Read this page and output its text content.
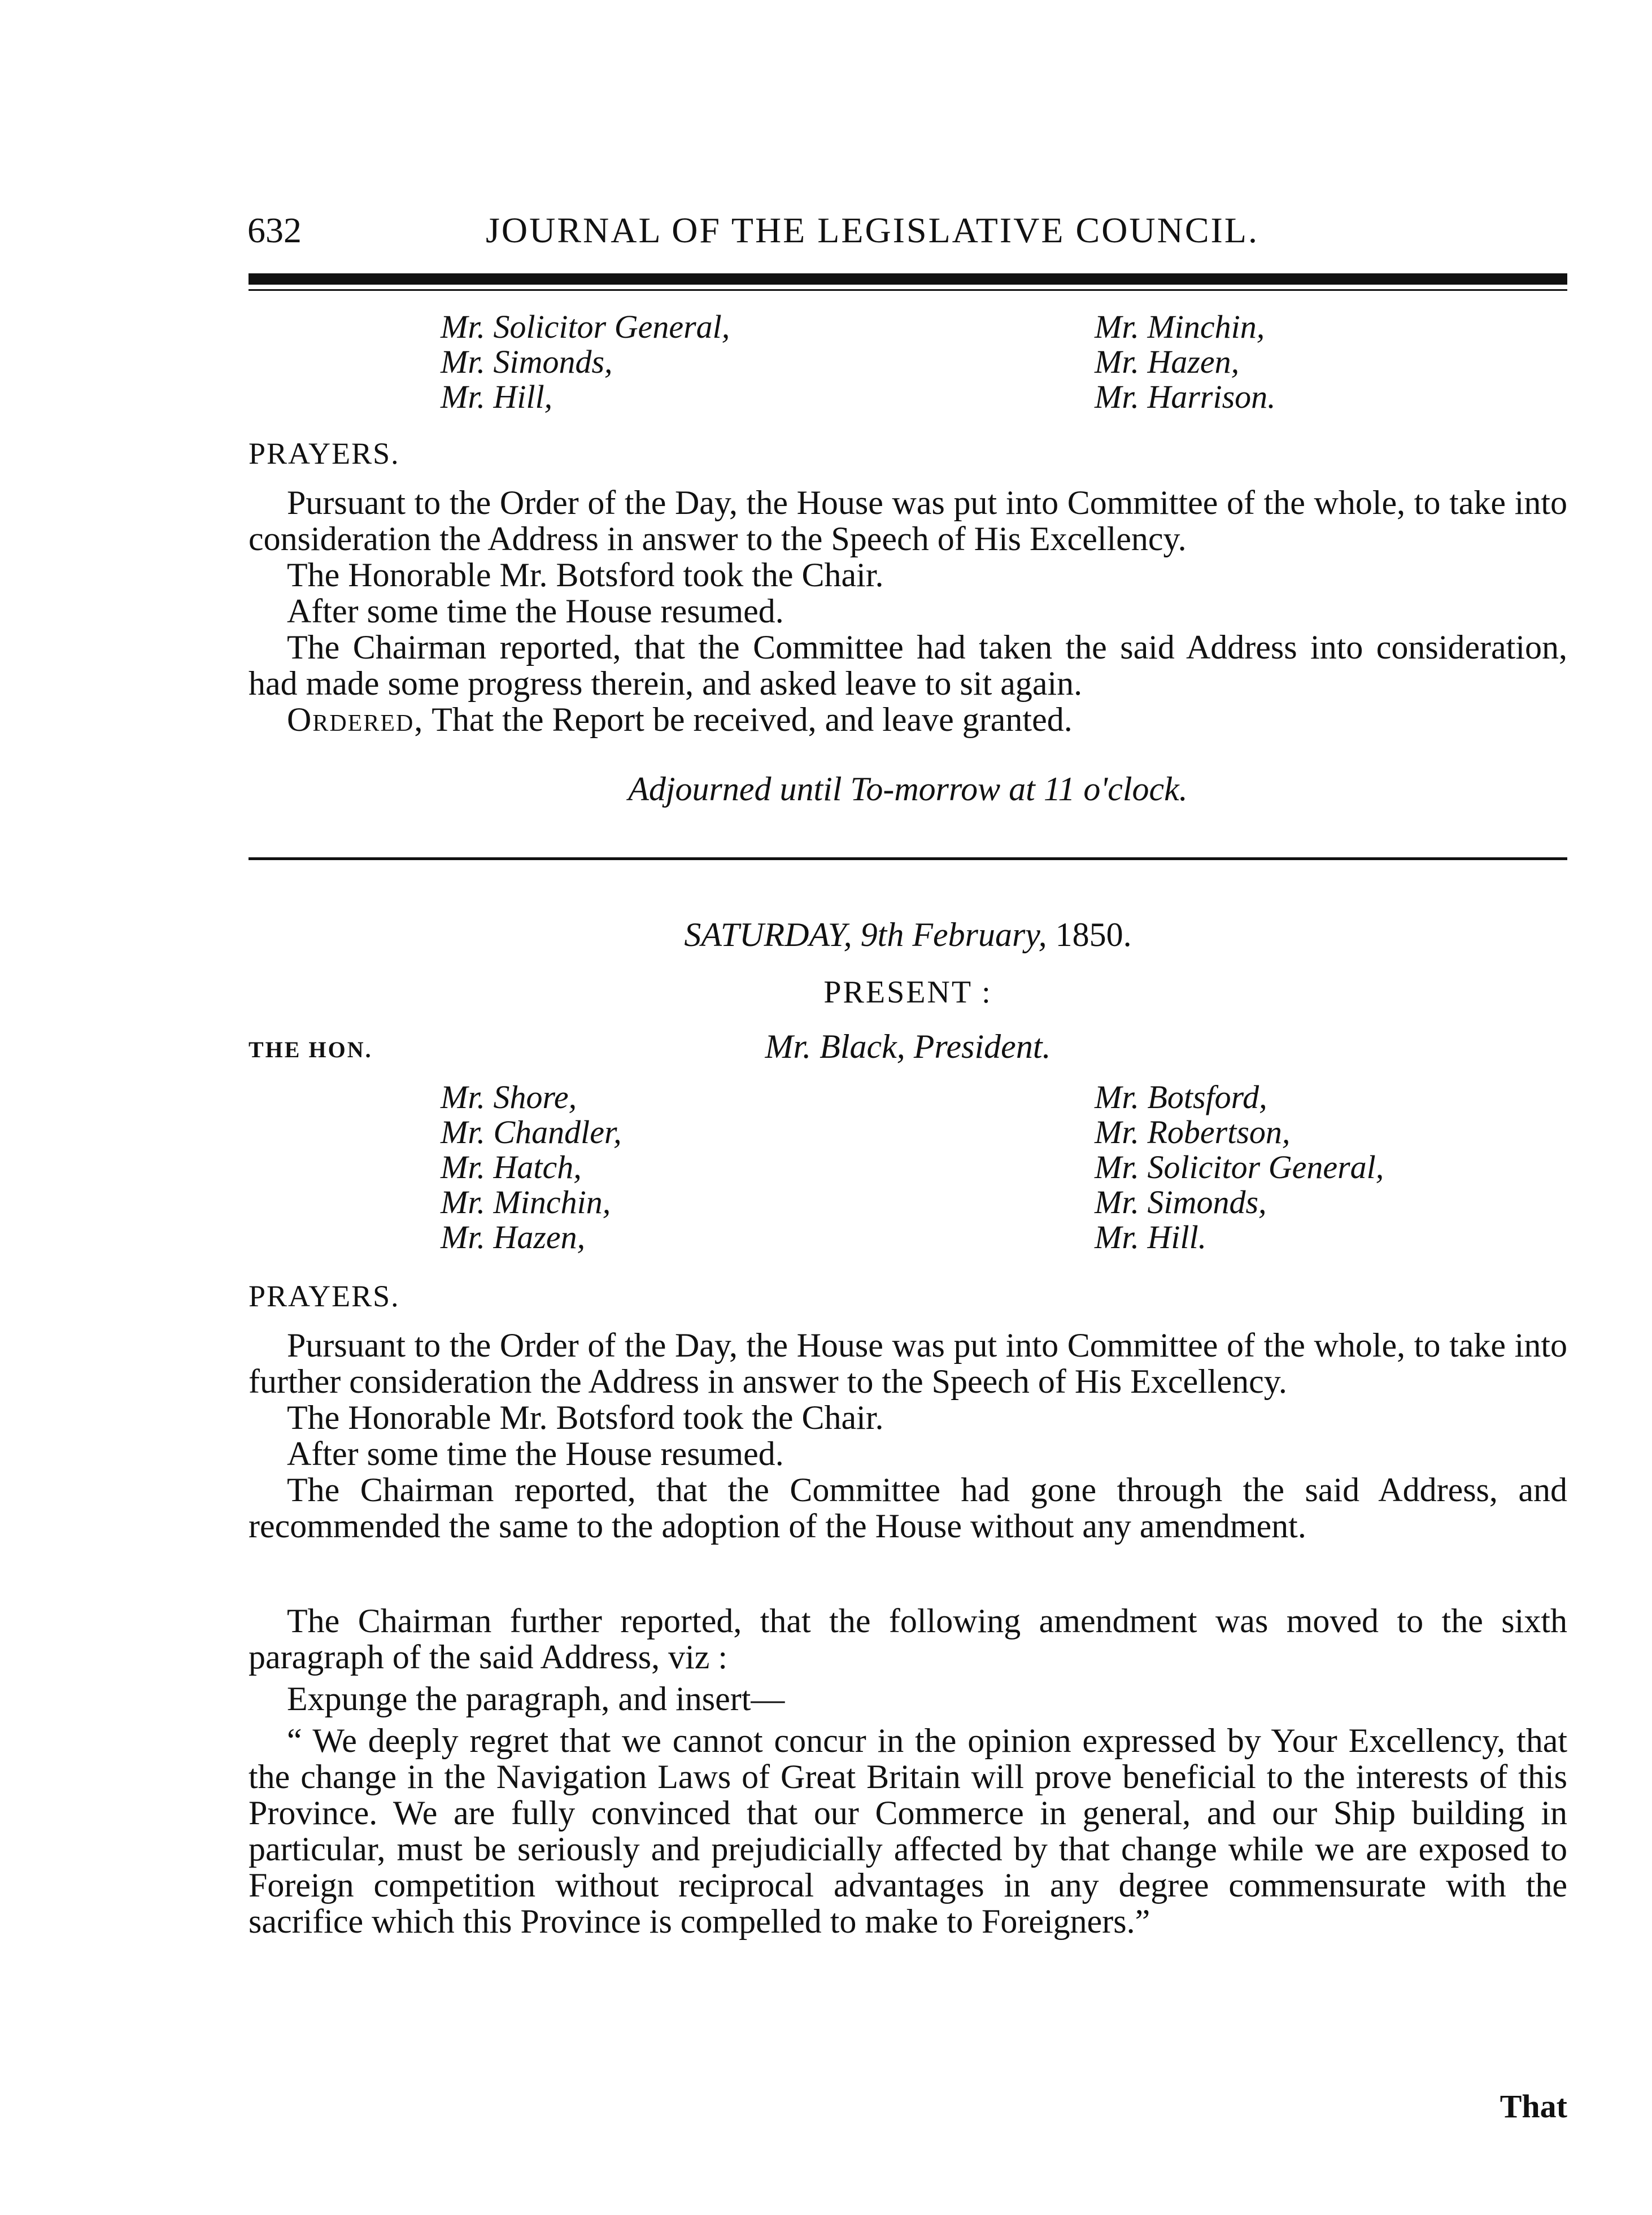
632	JOURNAL OF THE LEGISLATIVE COUNCIL.
Mr. Solicitor General,
Mr. Simonds,
Mr. Hill,
Mr. Minchin,
Mr. Hazen,
Mr. Harrison.
PRAYERS.

Pursuant to the Order of the Day, the House was put into Committee of the whole, to take into consideration the Address in answer to the Speech of His Excellency.

The Honorable Mr. Botsford took the Chair.

After some time the House resumed.

The Chairman reported, that the Committee had taken the said Address into consideration, had made some progress therein, and asked leave to sit again.

Ordered, That the Report be received, and leave granted.

Adjourned until To-morrow at 11 o'clock.
SATURDAY, 9th February, 1850.
PRESENT :
THE HON.	Mr. Black, President.
Mr. Shore,
Mr. Chandler,
Mr. Hatch,
Mr. Minchin,
Mr. Hazen,
Mr. Botsford,
Mr. Robertson,
Mr. Solicitor General,
Mr. Simonds,
Mr. Hill.
PRAYERS.

Pursuant to the Order of the Day, the House was put into Committee of the whole, to take into further consideration the Address in answer to the Speech of His Excellency.

The Honorable Mr. Botsford took the Chair.

After some time the House resumed.

The Chairman reported, that the Committee had gone through the said Address, and recommended the same to the adoption of the House without any amendment.

The Chairman further reported, that the following amendment was moved to the sixth paragraph of the said Address, viz :

Expunge the paragraph, and insert—

“ We deeply regret that we cannot concur in the opinion expressed by Your Excellency, that the change in the Navigation Laws of Great Britain will prove beneficial to the interests of this Province. We are fully convinced that our Commerce in general, and our Ship building in particular, must be seriously and prejudicially affected by that change while we are exposed to Foreign competition without reciprocal advantages in any degree commensurate with the sacrifice which this Province is compelled to make to Foreigners.”

That
